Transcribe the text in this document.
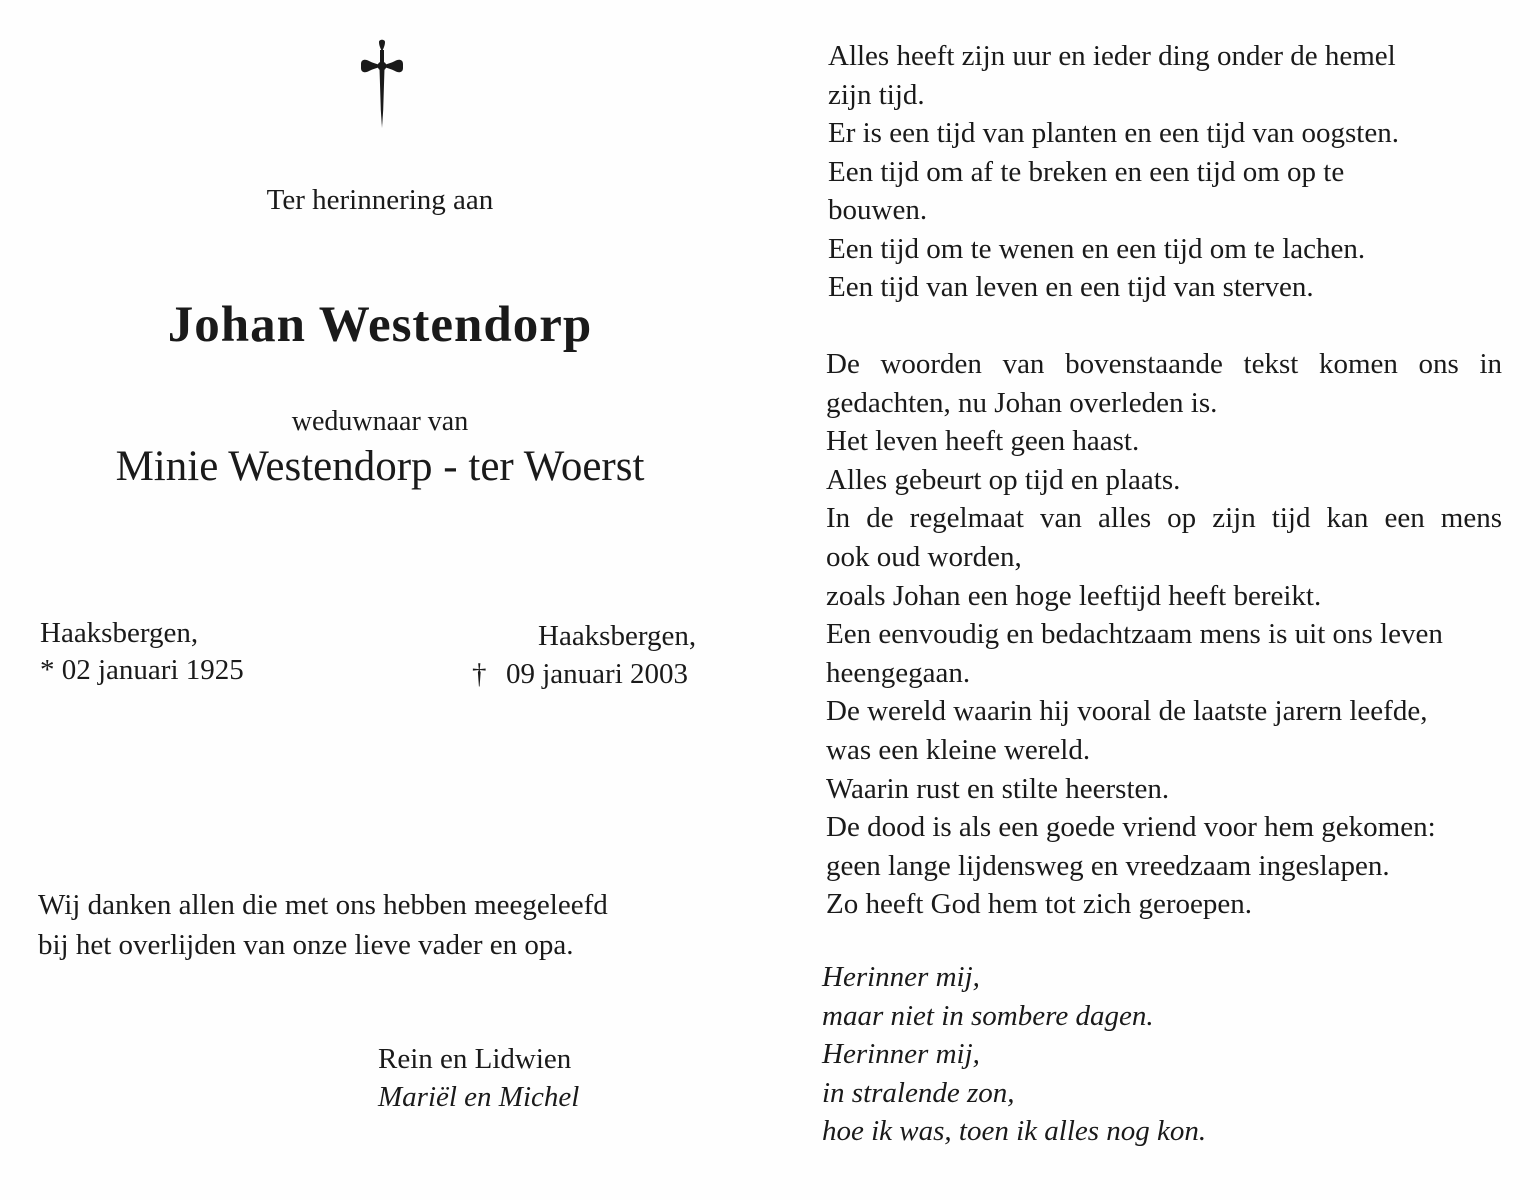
Ter herinnering aan
Johan Westendorp
weduwnaar van
Minie Westendorp - ter Woerst
Haaksbergen,
* 02 januari 1925
Haaksbergen,
† 09 januari 2003
Wij danken allen die met ons hebben meegeleefd
bij het overlijden van onze lieve vader en opa.
Rein en Lidwien
Mariël en Michel
Alles heeft zijn uur en ieder ding onder de hemel
zijn tijd.
Er is een tijd van planten en een tijd van oogsten.
Een tijd om af te breken en een tijd om op te
bouwen.
Een tijd om te wenen en een tijd om te lachen.
Een tijd van leven en een tijd van sterven.
De woorden van bovenstaande tekst komen ons in
gedachten, nu Johan overleden is.
Het leven heeft geen haast.
Alles gebeurt op tijd en plaats.
In de regelmaat van alles op zijn tijd kan een mens
ook oud worden,
zoals Johan een hoge leeftijd heeft bereikt.
Een eenvoudig en bedachtzaam mens is uit ons leven
heengegaan.
De wereld waarin hij vooral de laatste jarern leefde,
was een kleine wereld.
Waarin rust en stilte heersten.
De dood is als een goede vriend voor hem gekomen:
geen lange lijdensweg en vreedzaam ingeslapen.
Zo heeft God hem tot zich geroepen.
Herinner mij,
maar niet in sombere dagen.
Herinner mij,
in stralende zon,
hoe ik was, toen ik alles nog kon.
